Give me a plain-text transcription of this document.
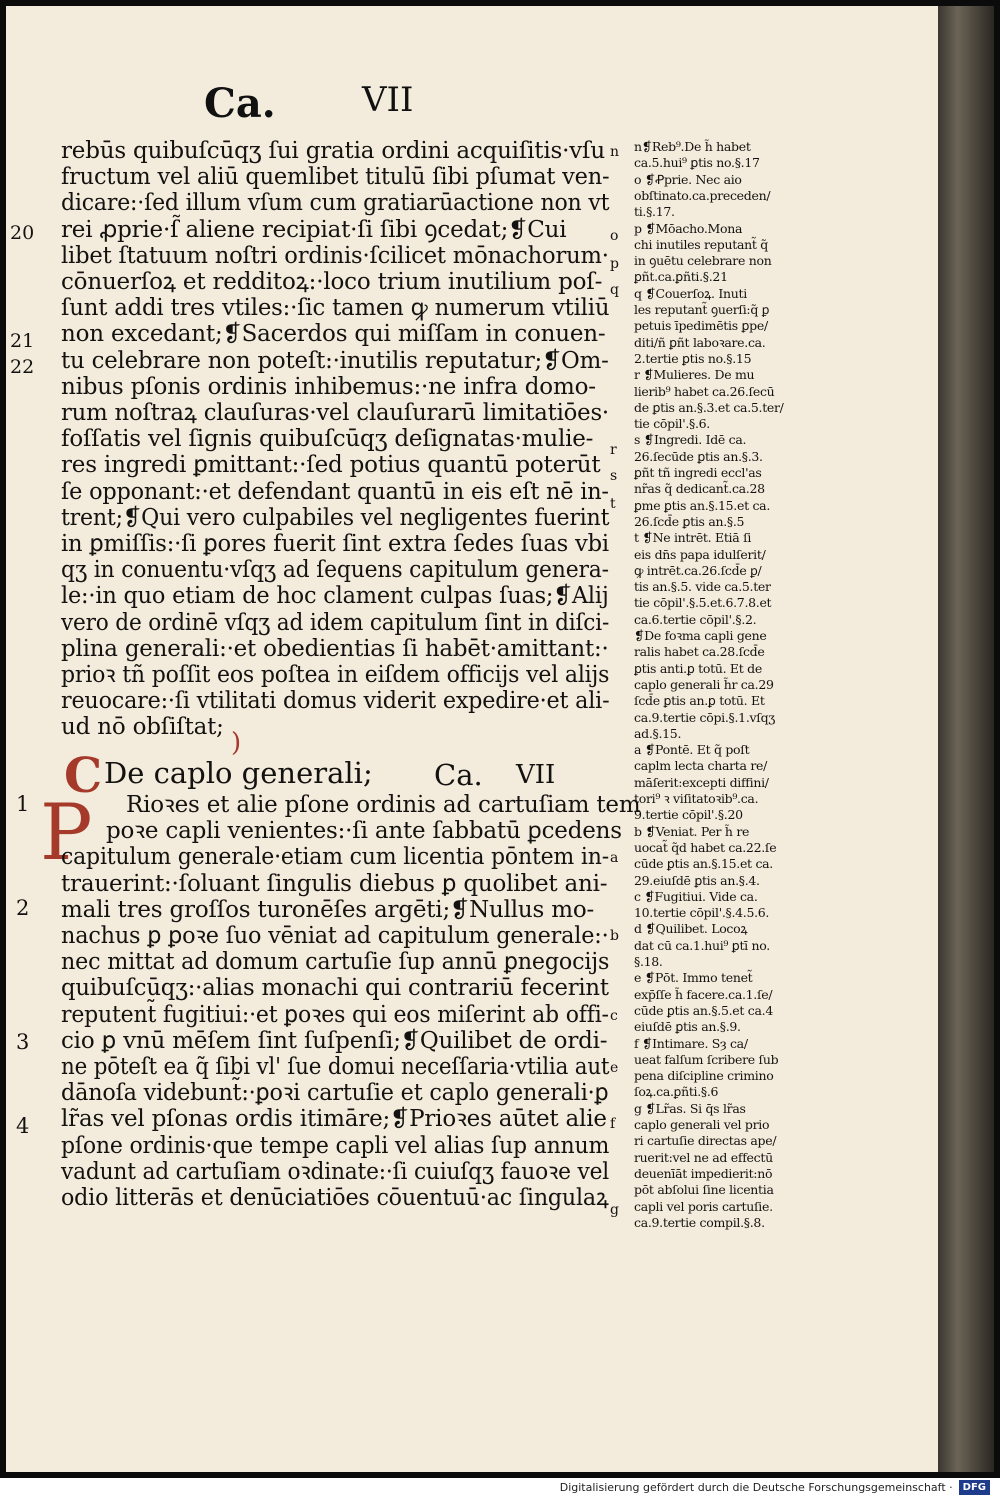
Ca.	VII
rebūs quibuſcūqʒ ſui gratia ordini acquiſitis·vſu
fructum vel aliū quemlibet titulū ſibi pſumat ven-
dicare:·ſed illum vſum cum gratiarūactione non vt
rei ꝓprie·ſ̃ aliene recipiat·ſi ſibi ꝯcedat;❡Cui
libet ſtatuum noſtri ordinis·ſcilicet mōnachorum·
cōnuerſoꝝ et redditoꝝ:·loco trium inutilium poſ-
ſunt addi tres vtiles:·ſic tamen ꝙ numerum vtiliū
non excedant;❡Sacerdos qui miſſam in conuen-
tu celebrare non poteſt:·inutilis reputatur;❡Om-
nibus pſonis ordinis inhibemus:·ne infra domo-
rum noſtraꝝ clauſuras·vel clauſurarū limitatiōes·
foſſatis vel ſignis quibuſcūqʒ deſignatas·mulie-
res ingredi ꝑmittant:·ſed potius quantū poterūt
ſe opponant:·et defendant quantū in eis eſt nē in-
trent;❡Qui vero culpabiles vel negligentes fuerint
in ꝑmiſſis:·ſi ꝑores fuerit ſint extra ſedes ſuas vbi
qʒ in conuentu·vſqʒ ad ſequens capitulum genera-
le:·in quo etiam de hoc clament culpas ſuas;❡Alij
vero de ordinē vſqʒ ad idem capitulum ſint in diſci-
plina generali:·et obedientias ſi habēt·amittant:·
prioꝛ tñ poſſit eos poſtea in eiſdem officijs vel alijs
reuocare:·ſi vtilitati domus viderit expedire·et ali-
ud nō obſiſtat;
n
o
p
q
r
s
t
20
21
22
)
C De caplo generali; Ca. VII
P Rioꝛes et alie pſone ordinis ad cartuſiam tem
poꝛe capli venientes:·ſi ante ſabbatū ꝑcedens
capitulum generale·etiam cum licentia pōntem in-
trauerint:·ſoluant ſingulis diebus ꝑ quolibet ani-
mali tres groſſos turonēſes argēti;❡Nullus mo-
nachus ꝑ ꝑoꝛe ſuo vēniat ad capitulum generale:·
nec mittat ad domum cartuſie ſup annū ꝑnegocijs
quibuſcūqʒ:·alias monachi qui contrariū fecerint
reputent̃ fugitiui:·et ꝑoꝛes qui eos miſerint ab offi-
cio ꝑ vnū mēſem ſint ſuſpenſi;❡Quilibet de ordi-
ne pōteſt ea q̃ ſibi vl' ſue domui neceſſaria·vtilia aut
dānoſa videbunt̃:·ꝑoꝛi cartuſie et caplo generali·ꝑ
lr̃as vel pſonas ordis itimāre;❡Prioꝛes aūtet alie
pſone ordinis·que tempe capli vel alias ſup annum
vadunt ad cartuſiam oꝛdinate:·ſi cuiuſqʒ fauoꝛe vel
odio litterās et denūciatiōes cōuentuū·ac ſingulaꝝ
a
b
c
e
f
g
1
2
3
4
n❡Reb⁹.De h̃ habet
ca.5.hui⁹ ꝑtis no.§.17
o ❡Ꝓprie. Nec aio
obſtinato.ca.preceden/
ti.§.17.
p ❡Mōacho.Mona
chi inutiles reputant̃ q̃
in ꝯuētu celebrare non
ꝑñt.ca.ꝑñti.§.21
q ❡Couerſoꝝ. Inuti
les reputant̃ ꝯuerſi:q̃ ꝑ
petuis īpedimētis ꝑpe/
diti/ñ ꝑñt laboꝛare.ca.
2.tertie ꝑtis no.§.15
r ❡Mulieres. De mu
lierib⁹ habet ca.26.ſecū
de ꝑtis an.§.3.et ca.5.ter/
tie cōpil'.§.6.
s ❡Ingredi. Idē ca.
26.ſecūde ꝑtis an.§.3.
ꝑñt tñ ingredi eccl'as
nr̃as q̃ dedicant̃.ca.28
ꝑme ꝑtis an.§.15.et ca.
26.ſcd̄e ꝑtis an.§.5
t ❡Ne intrēt. Etiā ſi
eis dn̄s papa idulſerit/
ꝙ intrēt.ca.26.ſcd̄e ꝑ/
tis an.§.5. vide ca.5.ter
tie cōpil'.§.5.et.6.7.8.et
ca.6.tertie cōpil'.§.2.
❡De foꝛma capli gene
ralis habet ca.28.ſcd̄e
ꝑtis anti.ꝑ totū. Et de
caplo generali h̃r ca.29
ſcd̄e ꝑtis an.ꝑ totū. Et
ca.9.tertie cōpi.§.1.vſqʒ
ad.§.15.
a ❡Pontē. Et q̃ poſt
caplm lecta charta re/
māſerit:excepti diffini/
tori⁹ ꝛ viſitatoꝛib⁹.ca.
9.tertie cōpil'.§.20
b ❡Veniat. Per h̃ re
uocat̃ q̃d habet ca.22.ſe
cūde ꝑtis an.§.15.et ca.
29.eiuſdē ꝑtis an.§.4.
c ❡Fugitiui. Vide ca.
10.tertie cōpil'.§.4.5.6.
d ❡Quilibet. Locoꝝ
dat cū ca.1.hui⁹ ꝑtī no.
§.18.
e ❡Pōt. Immo tenet̃
exp̄ſſe h̃ facere.ca.1.ſe/
cūde ꝑtis an.§.5.et ca.4
eiuſdē ꝑtis an.§.9.
f ❡Intimare. Sȝ ca/
ueat falſum ſcribere ſub
pena diſcipline crimino
ſoꝝ.ca.ꝑñti.§.6
g ❡Lr̃as. Si q̄s lr̃as
caplo generali vel prio
ri cartuſie directas ape/
ruerit:vel ne ad effectū
deuenīāt impedierit:nō
pōt abſolui ſine licentia
capli vel poris cartuſie.
ca.9.tertie compil.§.8.
Digitalisierung gefördert durch die Deutsche Forschungsgemeinschaft ·	DFG
